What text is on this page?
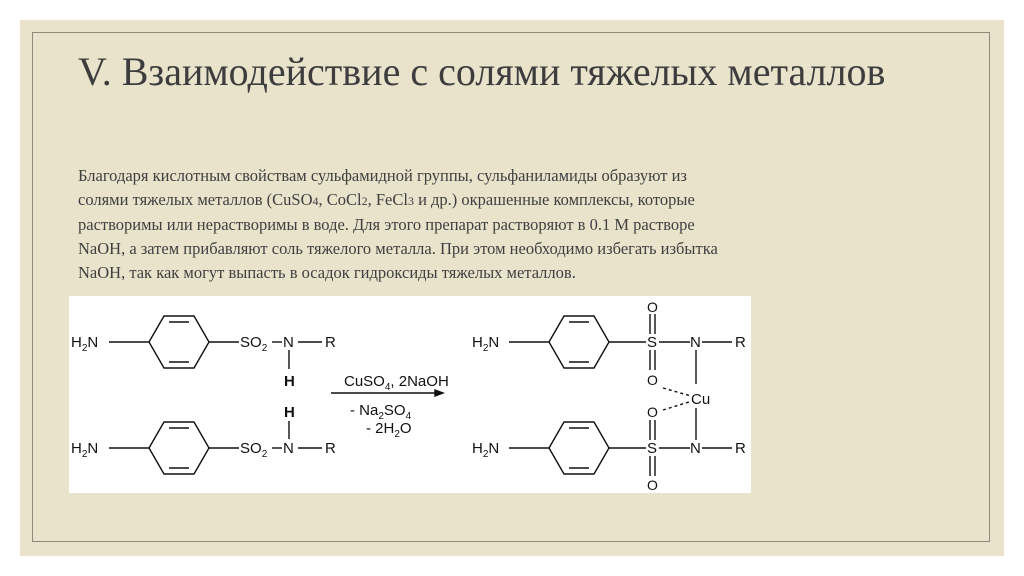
V. Взаимодействие с солями тяжелых металлов

Благодаря кислотным свойствам сульфамидной группы, сульфаниламиды образуют из
солями тяжелых металлов (CuSO4, CoCl2, FeCl3 и др.) окрашенные комплексы, которые
растворимы или нерастворимы в воде. Для этого препарат растворяют в 0.1 М растворе
NaOH, а затем прибавляют соль тяжелого металла. При этом необходимо избегать избытка
NaOH, так как могут выпасть в осадок гидроксиды тяжелых металлов.

$H_2N$	$SO_2$ N R
H
$H_2N$	$SO_2$ N R
H
CuSO$_4$, 2NaOH
- $Na_2SO_4$
- $2H_2O$
$H_2N$
O
S
O
N R
Cu
$H_2N$
O
S
O
N R
